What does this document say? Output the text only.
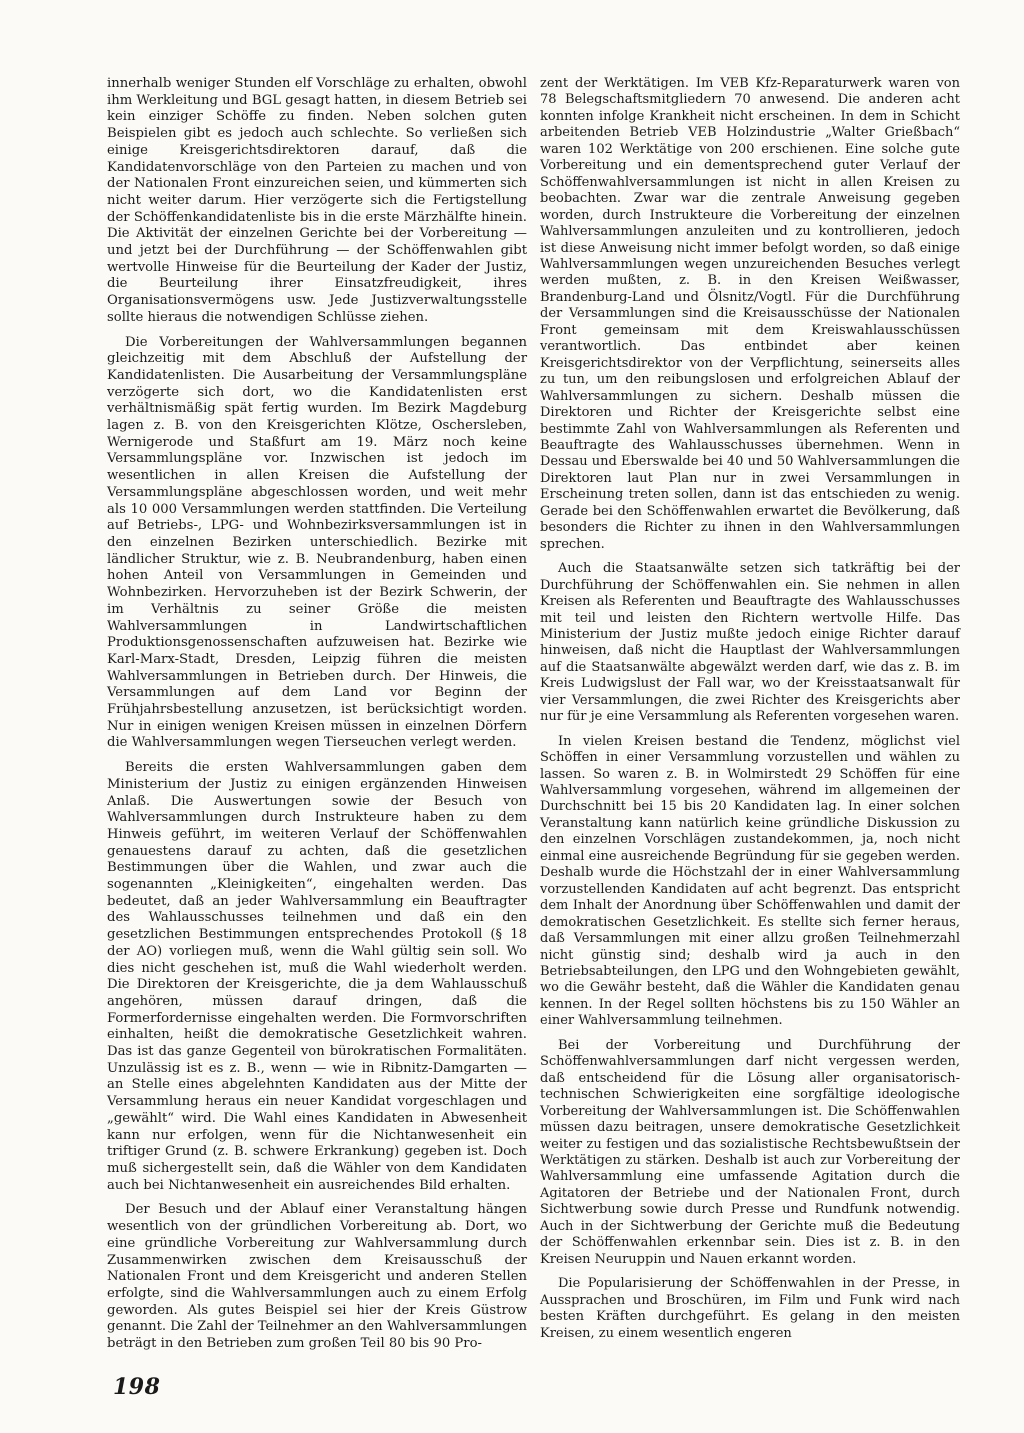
innerhalb weniger Stunden elf Vorschläge zu erhalten, obwohl ihm Werkleitung und BGL gesagt hatten, in diesem Betrieb sei kein einziger Schöffe zu finden. Neben solchen guten Beispielen gibt es jedoch auch schlechte. So verließen sich einige Kreisgerichtsdirektoren darauf, daß die Kandidatenvorschläge von den Parteien zu machen und von der Nationalen Front einzureichen seien, und kümmerten sich nicht weiter darum. Hier verzögerte sich die Fertigstellung der Schöffenkandidatenliste bis in die erste Märzhälfte hinein. Die Aktivität der einzelnen Gerichte bei der Vorbereitung — und jetzt bei der Durchführung — der Schöffenwahlen gibt wertvolle Hinweise für die Beurteilung der Kader der Justiz, die Beurteilung ihrer Einsatzfreudigkeit, ihres Organisationsvermögens usw. Jede Justizverwaltungsstelle sollte hieraus die notwendigen Schlüsse ziehen.

Die Vorbereitungen der Wahlversammlungen begannen gleichzeitig mit dem Abschluß der Aufstellung der Kandidatenlisten. Die Ausarbeitung der Versammlungspläne verzögerte sich dort, wo die Kandidatenlisten erst verhältnismäßig spät fertig wurden. Im Bezirk Magdeburg lagen z. B. von den Kreisgerichten Klötze, Oschersleben, Wernigerode und Staßfurt am 19. März noch keine Versammlungspläne vor. Inzwischen ist jedoch im wesentlichen in allen Kreisen die Aufstellung der Versammlungspläne abgeschlossen worden, und weit mehr als 10 000 Versammlungen werden stattfinden. Die Verteilung auf Betriebs-, LPG- und Wohnbezirksversammlungen ist in den einzelnen Bezirken unterschiedlich. Bezirke mit ländlicher Struktur, wie z. B. Neubrandenburg, haben einen hohen Anteil von Versammlungen in Gemeinden und Wohnbezirken. Hervorzuheben ist der Bezirk Schwerin, der im Verhältnis zu seiner Größe die meisten Wahlversammlungen in Landwirtschaftlichen Produktionsgenossenschaften aufzuweisen hat. Bezirke wie Karl-Marx-Stadt, Dresden, Leipzig führen die meisten Wahlversammlungen in Betrieben durch. Der Hinweis, die Versammlungen auf dem Land vor Beginn der Frühjahrsbestellung anzusetzen, ist berücksichtigt worden. Nur in einigen wenigen Kreisen müssen in einzelnen Dörfern die Wahlversammlungen wegen Tierseuchen verlegt werden.

Bereits die ersten Wahlversammlungen gaben dem Ministerium der Justiz zu einigen ergänzenden Hinweisen Anlaß. Die Auswertungen sowie der Besuch von Wahlversammlungen durch Instrukteure haben zu dem Hinweis geführt, im weiteren Verlauf der Schöffenwahlen genauestens darauf zu achten, daß die gesetzlichen Bestimmungen über die Wahlen, und zwar auch die sogenannten „Kleinigkeiten“, eingehalten werden. Das bedeutet, daß an jeder Wahlversammlung ein Beauftragter des Wahlausschusses teilnehmen und daß ein den gesetzlichen Bestimmungen entsprechendes Protokoll (§ 18 der AO) vorliegen muß, wenn die Wahl gültig sein soll. Wo dies nicht geschehen ist, muß die Wahl wiederholt werden. Die Direktoren der Kreisgerichte, die ja dem Wahlausschuß angehören, müssen darauf dringen, daß die Formerfordernisse eingehalten werden. Die Formvorschriften einhalten, heißt die demokratische Gesetzlichkeit wahren. Das ist das ganze Gegenteil von bürokratischen Formalitäten. Unzulässig ist es z. B., wenn — wie in Ribnitz-Damgarten — an Stelle eines abgelehnten Kandidaten aus der Mitte der Versammlung heraus ein neuer Kandidat vorgeschlagen und „gewählt“ wird. Die Wahl eines Kandidaten in Abwesenheit kann nur erfolgen, wenn für die Nichtanwesenheit ein triftiger Grund (z. B. schwere Erkrankung) gegeben ist. Doch muß sichergestellt sein, daß die Wähler von dem Kandidaten auch bei Nichtanwesenheit ein ausreichendes Bild erhalten.

Der Besuch und der Ablauf einer Veranstaltung hängen wesentlich von der gründlichen Vorbereitung ab. Dort, wo eine gründliche Vorbereitung zur Wahlversammlung durch Zusammenwirken zwischen dem Kreisausschuß der Nationalen Front und dem Kreisgericht und anderen Stellen erfolgte, sind die Wahlversammlungen auch zu einem Erfolg geworden. Als gutes Beispiel sei hier der Kreis Güstrow genannt. Die Zahl der Teilnehmer an den Wahlversammlungen beträgt in den Betrieben zum großen Teil 80 bis 90 Pro-

zent der Werktätigen. Im VEB Kfz-Reparaturwerk waren von 78 Belegschaftsmitgliedern 70 anwesend. Die anderen acht konnten infolge Krankheit nicht erscheinen. In dem in Schicht arbeitenden Betrieb VEB Holzindustrie „Walter Grießbach“ waren 102 Werktätige von 200 erschienen. Eine solche gute Vorbereitung und ein dementsprechend guter Verlauf der Schöffenwahlversammlungen ist nicht in allen Kreisen zu beobachten. Zwar war die zentrale Anweisung gegeben worden, durch Instrukteure die Vorbereitung der einzelnen Wahlversammlungen anzuleiten und zu kontrollieren, jedoch ist diese Anweisung nicht immer befolgt worden, so daß einige Wahlversammlungen wegen unzureichenden Besuches verlegt werden mußten, z. B. in den Kreisen Weißwasser, Brandenburg-Land und Ölsnitz/Vogtl. Für die Durchführung der Versammlungen sind die Kreisausschüsse der Nationalen Front gemeinsam mit dem Kreiswahlausschüssen verantwortlich. Das entbindet aber keinen Kreisgerichtsdirektor von der Verpflichtung, seinerseits alles zu tun, um den reibungslosen und erfolgreichen Ablauf der Wahlversammlungen zu sichern. Deshalb müssen die Direktoren und Richter der Kreisgerichte selbst eine bestimmte Zahl von Wahlversammlungen als Referenten und Beauftragte des Wahlausschusses übernehmen. Wenn in Dessau und Eberswalde bei 40 und 50 Wahlversammlungen die Direktoren laut Plan nur in zwei Versammlungen in Erscheinung treten sollen, dann ist das entschieden zu wenig. Gerade bei den Schöffenwahlen erwartet die Bevölkerung, daß besonders die Richter zu ihnen in den Wahlversammlungen sprechen.

Auch die Staatsanwälte setzen sich tatkräftig bei der Durchführung der Schöffenwahlen ein. Sie nehmen in allen Kreisen als Referenten und Beauftragte des Wahlausschusses mit teil und leisten den Richtern wertvolle Hilfe. Das Ministerium der Justiz mußte jedoch einige Richter darauf hinweisen, daß nicht die Hauptlast der Wahlversammlungen auf die Staatsanwälte abgewälzt werden darf, wie das z. B. im Kreis Ludwigslust der Fall war, wo der Kreisstaatsanwalt für vier Versammlungen, die zwei Richter des Kreisgerichts aber nur für je eine Versammlung als Referenten vorgesehen waren.

In vielen Kreisen bestand die Tendenz, möglichst viel Schöffen in einer Versammlung vorzustellen und wählen zu lassen. So waren z. B. in Wolmirstedt 29 Schöffen für eine Wahlversammlung vorgesehen, während im allgemeinen der Durchschnitt bei 15 bis 20 Kandidaten lag. In einer solchen Veranstaltung kann natürlich keine gründliche Diskussion zu den einzelnen Vorschlägen zustandekommen, ja, noch nicht einmal eine ausreichende Begründung für sie gegeben werden. Deshalb wurde die Höchstzahl der in einer Wahlversammlung vorzustellenden Kandidaten auf acht begrenzt. Das entspricht dem Inhalt der Anordnung über Schöffenwahlen und damit der demokratischen Gesetzlichkeit. Es stellte sich ferner heraus, daß Versammlungen mit einer allzu großen Teilnehmerzahl nicht günstig sind; deshalb wird ja auch in den Betriebsabteilungen, den LPG und den Wohngebieten gewählt, wo die Gewähr besteht, daß die Wähler die Kandidaten genau kennen. In der Regel sollten höchstens bis zu 150 Wähler an einer Wahlversammlung teilnehmen.

Bei der Vorbereitung und Durchführung der Schöffenwahlversammlungen darf nicht vergessen werden, daß entscheidend für die Lösung aller organisatorisch-technischen Schwierigkeiten eine sorgfältige ideologische Vorbereitung der Wahlversammlungen ist. Die Schöffenwahlen müssen dazu beitragen, unsere demokratische Gesetzlichkeit weiter zu festigen und das sozialistische Rechtsbewußtsein der Werktätigen zu stärken. Deshalb ist auch zur Vorbereitung der Wahlversammlung eine umfassende Agitation durch die Agitatoren der Betriebe und der Nationalen Front, durch Sichtwerbung sowie durch Presse und Rundfunk notwendig. Auch in der Sichtwerbung der Gerichte muß die Bedeutung der Schöffenwahlen erkennbar sein. Dies ist z. B. in den Kreisen Neuruppin und Nauen erkannt worden.

Die Popularisierung der Schöffenwahlen in der Presse, in Aussprachen und Broschüren, im Film und Funk wird nach besten Kräften durchgeführt. Es gelang in den meisten Kreisen, zu einem wesentlich engeren

198
